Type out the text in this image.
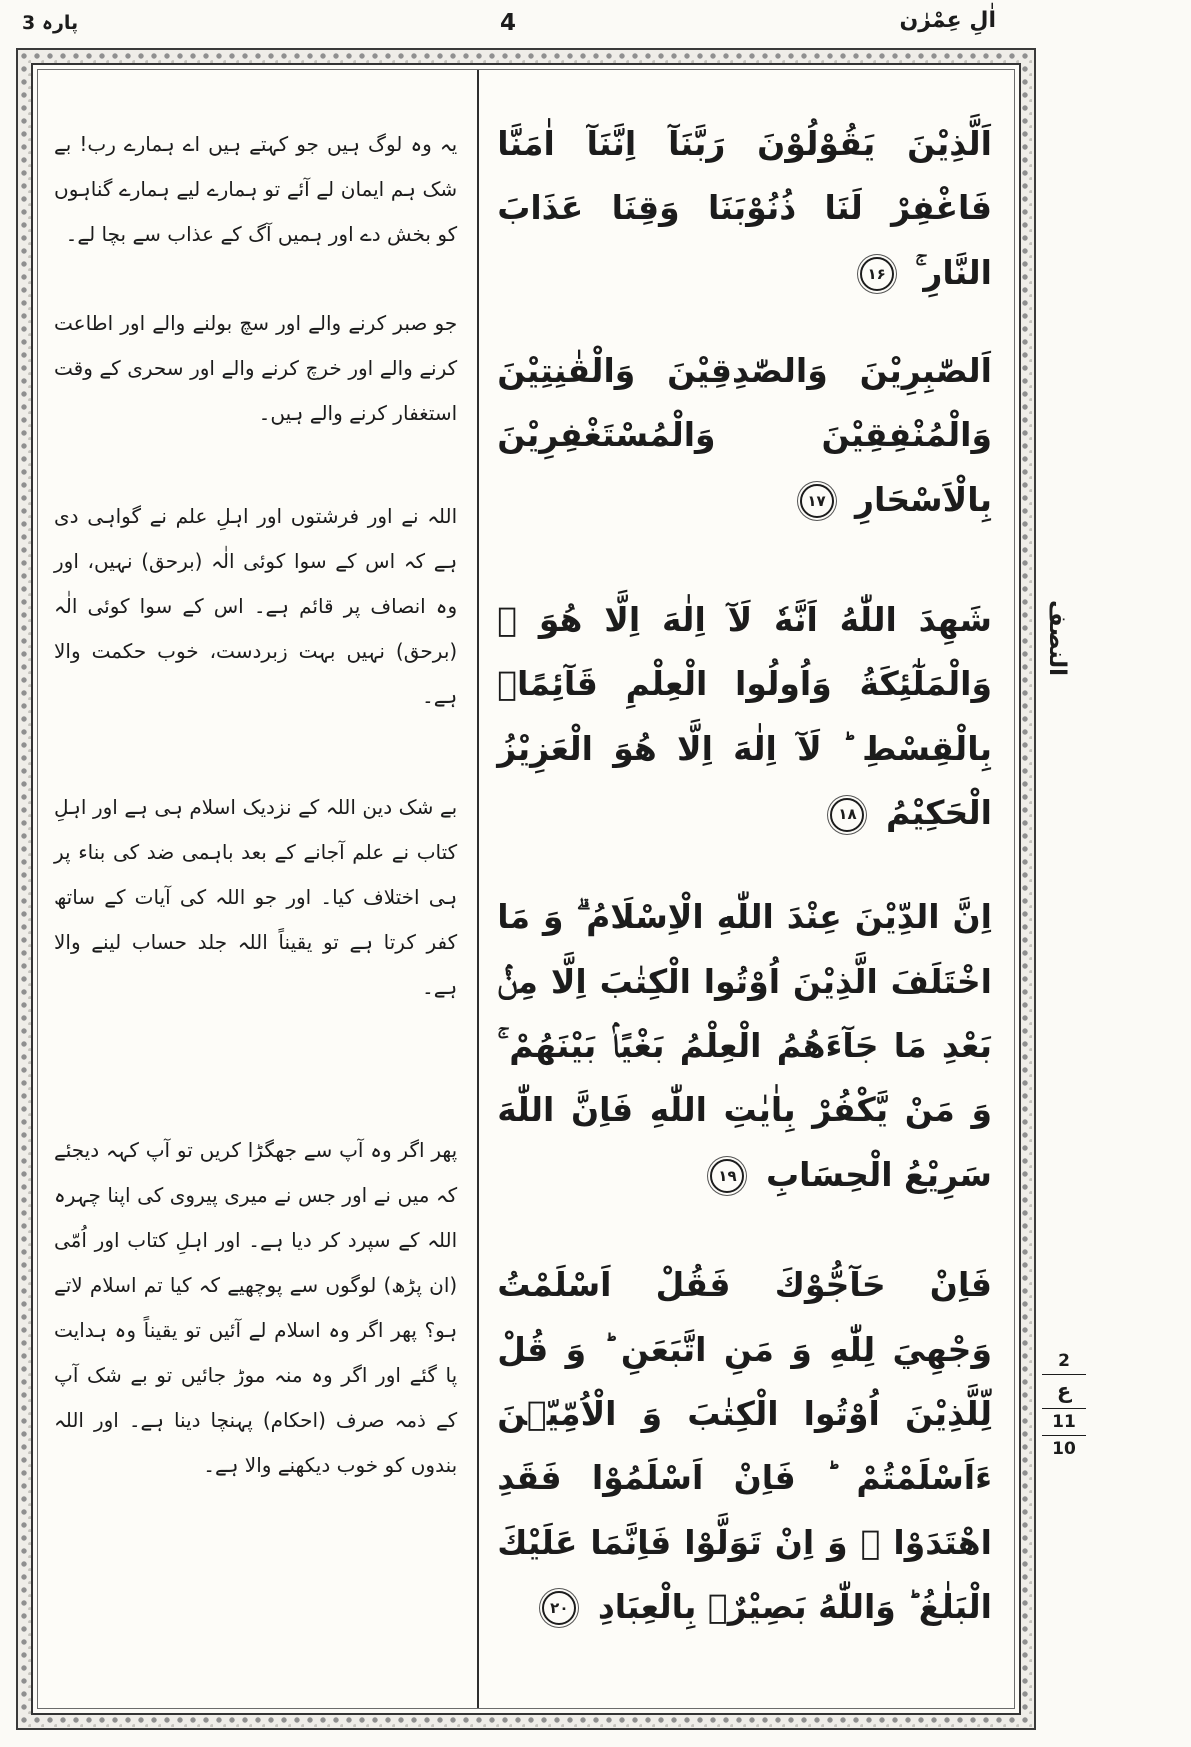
پارہ 3	4	اٰلِ عِمْرٰن

یہ وہ لوگ ہیں جو کہتے ہیں اے ہمارے رب! بے شک ہم ایمان لے آئے تو ہمارے لیے ہمارے گناہوں کو بخش دے اور ہمیں آگ کے عذاب سے بچا لے۔

جو صبر کرنے والے اور سچ بولنے والے اور اطاعت کرنے والے اور خرچ کرنے والے اور سحری کے وقت استغفار کرنے والے ہیں۔

اللہ نے اور فرشتوں اور اہلِ علم نے گواہی دی ہے کہ اس کے سوا کوئی الٰہ (برحق) نہیں، اور وہ انصاف پر قائم ہے۔ اس کے سوا کوئی الٰہ (برحق) نہیں بہت زبردست، خوب حکمت والا ہے۔

بے شک دین اللہ کے نزدیک اسلام ہی ہے اور اہلِ کتاب نے علم آجانے کے بعد باہمی ضد کی بناء پر ہی اختلاف کیا۔ اور جو اللہ کی آیات کے ساتھ کفر کرتا ہے تو یقیناً اللہ جلد حساب لینے والا ہے۔

پھر اگر وہ آپ سے جھگڑا کریں تو آپ کہہ دیجئے کہ میں نے اور جس نے میری پیروی کی اپنا چہرہ اللہ کے سپرد کر دیا ہے۔ اور اہلِ کتاب اور اُمّی (ان پڑھ) لوگوں سے پوچھیے کہ کیا تم اسلام لاتے ہو؟ پھر اگر وہ اسلام لے آئیں تو یقیناً وہ ہدایت پا گئے اور اگر وہ منہ موڑ جائیں تو بے شک آپ کے ذمہ صرف (احکام) پہنچا دینا ہے۔ اور اللہ بندوں کو خوب دیکھنے والا ہے۔

اَلَّذِيْنَ يَقُوْلُوْنَ رَبَّنَآ اِنَّنَآ اٰمَنَّا فَاغْفِرْ لَنَا ذُنُوْبَنَا وَقِنَا عَذَابَ النَّارِ ۚ
۱۶
اَلصّٰبِرِيْنَ وَالصّٰدِقِيْنَ وَالْقٰنِتِيْنَ وَالْمُنْفِقِيْنَ وَالْمُسْتَغْفِرِيْنَ بِالْاَسْحَارِ
۱۷
شَهِدَ اللّٰهُ اَنَّهٗ لَآ اِلٰهَ اِلَّا هُوَ ۙ وَالْمَلٰٓئِكَةُ وَاُولُوا الْعِلْمِ قَآئِمًاۢ بِالْقِسْطِ ؕ لَآ اِلٰهَ اِلَّا هُوَ الْعَزِيْزُ الْحَكِيْمُ
۱۸
اِنَّ الدِّيْنَ عِنْدَ اللّٰهِ الْاِسْلَامُ ۗ وَ مَا اخْتَلَفَ الَّذِيْنَ اُوْتُوا الْكِتٰبَ اِلَّا مِنْۢ بَعْدِ مَا جَآءَهُمُ الْعِلْمُ بَغْيًاۢ بَيْنَهُمْ ۚ وَ مَنْ يَّكْفُرْ بِاٰيٰتِ اللّٰهِ فَاِنَّ اللّٰهَ سَرِيْعُ الْحِسَابِ
۱۹
فَاِنْ حَآجُّوْكَ فَقُلْ اَسْلَمْتُ وَجْهِيَ لِلّٰهِ وَ مَنِ اتَّبَعَنِ ؕ وَ قُلْ لِّلَّذِيْنَ اُوْتُوا الْكِتٰبَ وَ الْاُمِّيّٖنَ ءَاَسْلَمْتُمْ ؕ فَاِنْ اَسْلَمُوْا فَقَدِ اهْتَدَوْا ۚ وَ اِنْ تَوَلَّوْا فَاِنَّمَا عَلَيْكَ الْبَلٰغُ ؕ وَاللّٰهُ بَصِيْرٌۢ بِالْعِبَادِ
۲۰
النصف
2
ع
11
10
